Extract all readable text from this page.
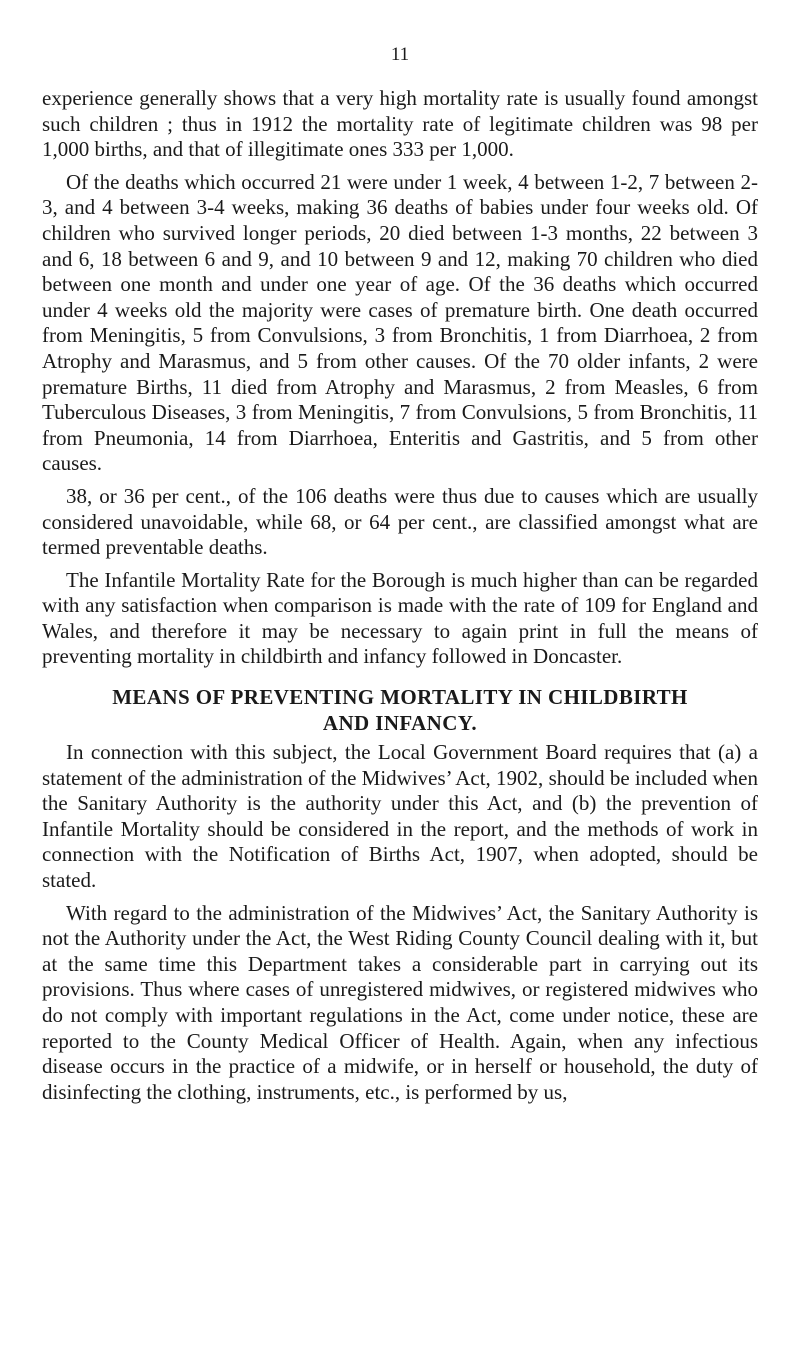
11

experience generally shows that a very high mortality rate is usually found amongst such children ; thus in 1912 the mortality rate of legitimate children was 98 per 1,000 births, and that of illegitimate ones 333 per 1,000.

Of the deaths which occurred 21 were under 1 week, 4 between 1-2, 7 between 2-3, and 4 between 3-4 weeks, making 36 deaths of babies under four weeks old. Of children who survived longer periods, 20 died between 1-3 months, 22 between 3 and 6, 18 between 6 and 9, and 10 between 9 and 12, making 70 children who died between one month and under one year of age. Of the 36 deaths which occurred under 4 weeks old the majority were cases of premature birth. One death occurred from Meningitis, 5 from Convulsions, 3 from Bronchitis, 1 from Diarrhoea, 2 from Atrophy and Marasmus, and 5 from other causes. Of the 70 older infants, 2 were premature Births, 11 died from Atrophy and Marasmus, 2 from Measles, 6 from Tuberculous Diseases, 3 from Meningitis, 7 from Convulsions, 5 from Bronchitis, 11 from Pneumonia, 14 from Diarrhoea, Enteritis and Gastritis, and 5 from other causes.

38, or 36 per cent., of the 106 deaths were thus due to causes which are usually considered unavoidable, while 68, or 64 per cent., are classified amongst what are termed preventable deaths.

The Infantile Mortality Rate for the Borough is much higher than can be regarded with any satisfaction when comparison is made with the rate of 109 for England and Wales, and therefore it may be necessary to again print in full the means of preventing mortality in childbirth and infancy followed in Doncaster.

MEANS OF PREVENTING MORTALITY IN CHILDBIRTH
AND INFANCY.

In connection with this subject, the Local Government Board requires that (a) a statement of the administration of the Midwives’ Act, 1902, should be included when the Sanitary Authority is the authority under this Act, and (b) the prevention of Infantile Mortality should be considered in the report, and the methods of work in connection with the Notification of Births Act, 1907, when adopted, should be stated.

With regard to the administration of the Midwives’ Act, the Sanitary Authority is not the Authority under the Act, the West Riding County Council dealing with it, but at the same time this Department takes a considerable part in carrying out its provisions. Thus where cases of unregistered midwives, or registered midwives who do not comply with important regulations in the Act, come under notice, these are reported to the County Medical Officer of Health. Again, when any infectious disease occurs in the practice of a midwife, or in herself or household, the duty of disinfecting the clothing, instruments, etc., is performed by us,
